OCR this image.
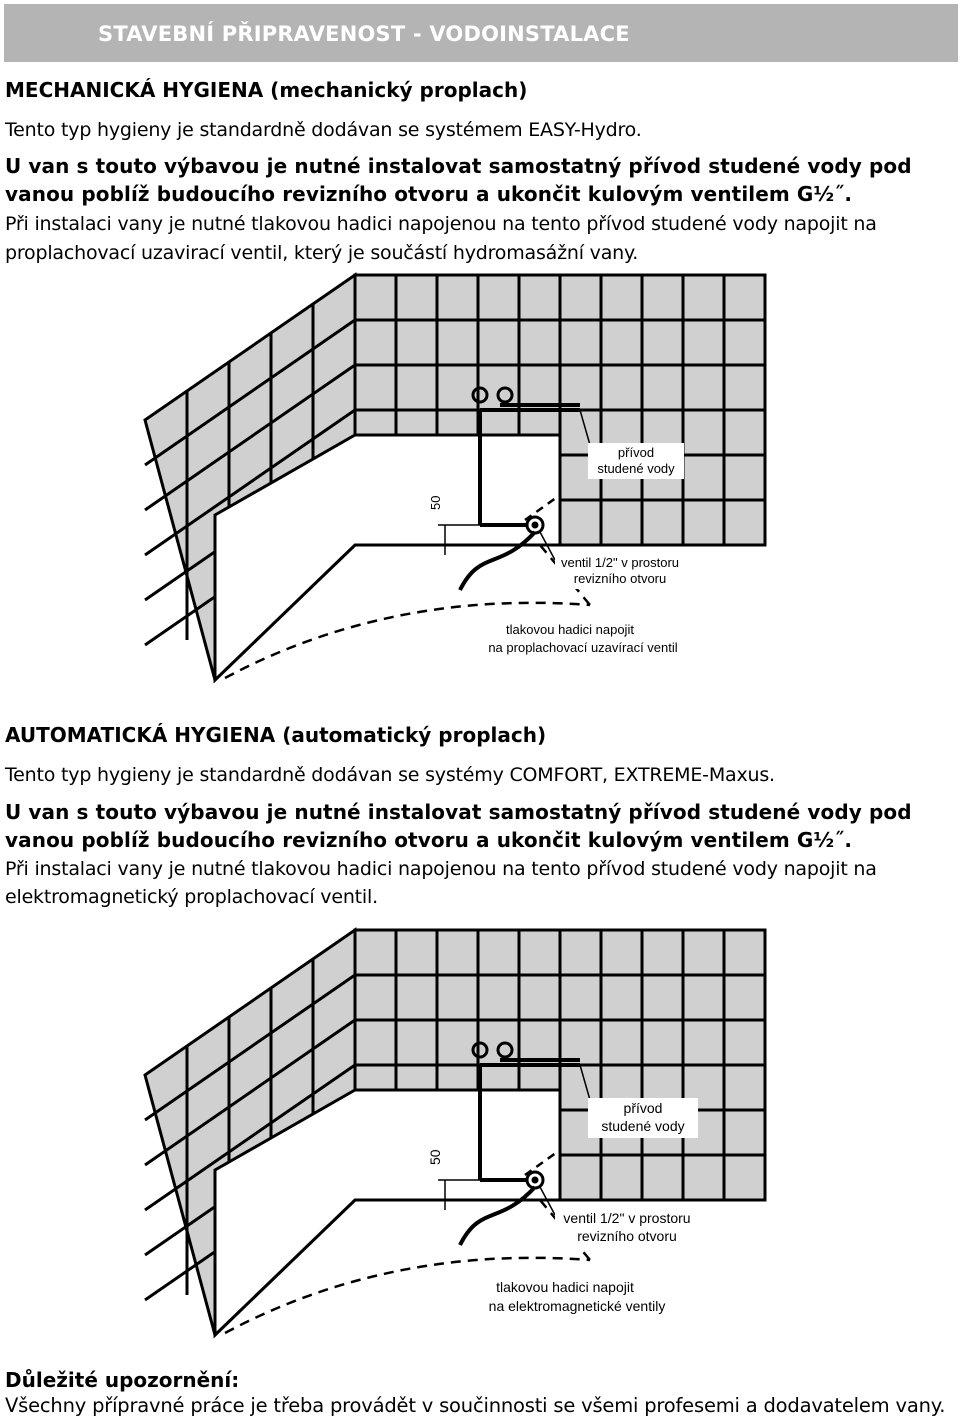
STAVEBNÍ PŘIPRAVENOST - VODOINSTALACE
MECHANICKÁ HYGIENA (mechanický proplach)
Tento typ hygieny je standardně dodávan se systémem EASY-Hydro.
U van s touto výbavou je nutné instalovat samostatný přívod studené vody pod
vanou poblíž budoucího revizního otvoru a ukončit kulovým ventilem G½˝.
Při instalaci vany je nutné tlakovou hadici napojenou na tento přívod studené vody napojit na
proplachovací uzavirací ventil, který je součástí hydromasážní vany.
přívod
studené vody
ventil 1/2" v prostoru
revizního otvoru
tlakovou hadici napojit
na proplachovací uzavírací ventil
50
AUTOMATICKÁ HYGIENA (automatický proplach)
Tento typ hygieny je standardně dodávan se systémy COMFORT, EXTREME-Maxus.
U van s touto výbavou je nutné instalovat samostatný přívod studené vody pod
vanou poblíž budoucího revizního otvoru a ukončit kulovým ventilem G½˝.
Při instalaci vany je nutné tlakovou hadici napojenou na tento přívod studené vody napojit na
elektromagnetický proplachovací ventil.
přívod
studené vody
ventil 1/2" v prostoru
revizního otvoru
tlakovou hadici napojit
na elektromagnetické ventily
50
Důležité upozornění:
Všechny přípravné práce je třeba provádět v součinnosti se všemi profesemi a dodavatelem vany.
